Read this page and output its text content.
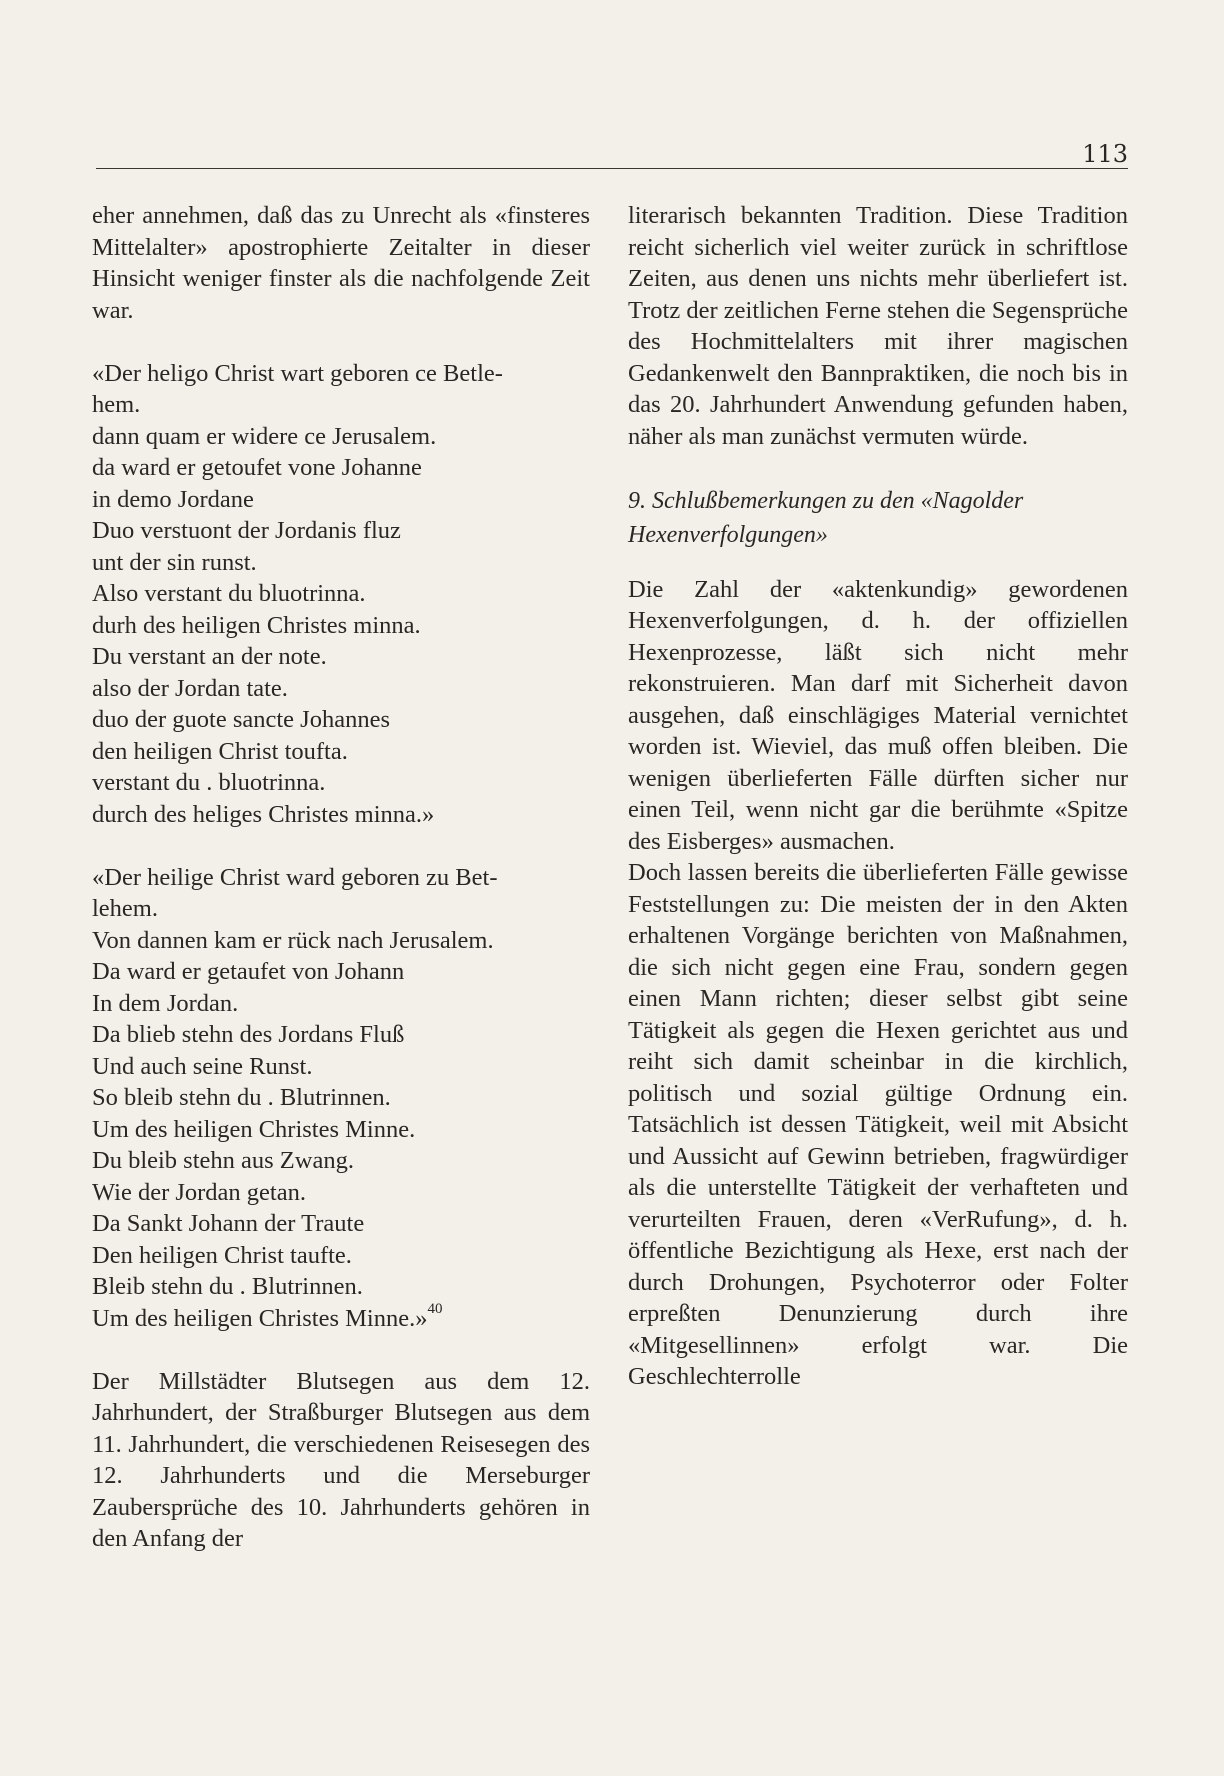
113

eher annehmen, daß das zu Unrecht als «finsteres Mittelalter» apostrophierte Zeitalter in dieser Hinsicht weniger finster als die nachfolgende Zeit war.

«Der heligo Christ wart geboren ce Betle-
hem.
dann quam er widere ce Jerusalem.
da ward er getoufet vone Johanne
in demo Jordane
Duo verstuont der Jordanis fluz
unt der sin runst.
Also verstant du bluotrinna.
durh des heiligen Christes minna.
Du verstant an der note.
also der Jordan tate.
duo der guote sancte Johannes
den heiligen Christ toufta.
verstant du . bluotrinna.
durch des heliges Christes minna.»
«Der heilige Christ ward geboren zu Bet-
lehem.
Von dannen kam er rück nach Jerusalem.
Da ward er getaufet von Johann
In dem Jordan.
Da blieb stehn des Jordans Fluß
Und auch seine Runst.
So bleib stehn du . Blutrinnen.
Um des heiligen Christes Minne.
Du bleib stehn aus Zwang.
Wie der Jordan getan.
Da Sankt Johann der Traute
Den heiligen Christ taufte.
Bleib stehn du . Blutrinnen.
Um des heiligen Christes Minne.»$^{40}$

Der Millstädter Blutsegen aus dem 12. Jahrhundert, der Straßburger Blutsegen aus dem 11. Jahrhundert, die verschiedenen Reisesegen des 12. Jahrhunderts und die Merseburger Zaubersprüche des 10. Jahrhunderts gehören in den Anfang der

literarisch bekannten Tradition. Diese Tradition reicht sicherlich viel weiter zurück in schriftlose Zeiten, aus denen uns nichts mehr überliefert ist. Trotz der zeitlichen Ferne stehen die Segensprüche des Hochmittelalters mit ihrer magischen Gedankenwelt den Bannpraktiken, die noch bis in das 20. Jahrhundert Anwendung gefunden haben, näher als man zunächst vermuten würde.

9. Schlußbemerkungen zu den «Nagolder Hexenverfolgungen»

Die Zahl der «aktenkundig» gewordenen Hexenverfolgungen, d. h. der offiziellen Hexenprozesse, läßt sich nicht mehr rekonstruieren. Man darf mit Sicherheit davon ausgehen, daß einschlägiges Material vernichtet worden ist. Wieviel, das muß offen bleiben. Die wenigen überlieferten Fälle dürften sicher nur einen Teil, wenn nicht gar die berühmte «Spitze des Eisberges» ausmachen.

Doch lassen bereits die überlieferten Fälle gewisse Feststellungen zu: Die meisten der in den Akten erhaltenen Vorgänge berichten von Maßnahmen, die sich nicht gegen eine Frau, sondern gegen einen Mann richten; dieser selbst gibt seine Tätigkeit als gegen die Hexen gerichtet aus und reiht sich damit scheinbar in die kirchlich, politisch und sozial gültige Ordnung ein. Tatsächlich ist dessen Tätigkeit, weil mit Absicht und Aussicht auf Gewinn betrieben, fragwürdiger als die unterstellte Tätigkeit der verhafteten und verurteilten Frauen, deren «VerRufung», d. h. öffentliche Bezichtigung als Hexe, erst nach der durch Drohungen, Psychoterror oder Folter erpreßten Denunzierung durch ihre «Mitgesellinnen» erfolgt war. Die Geschlechterrolle
